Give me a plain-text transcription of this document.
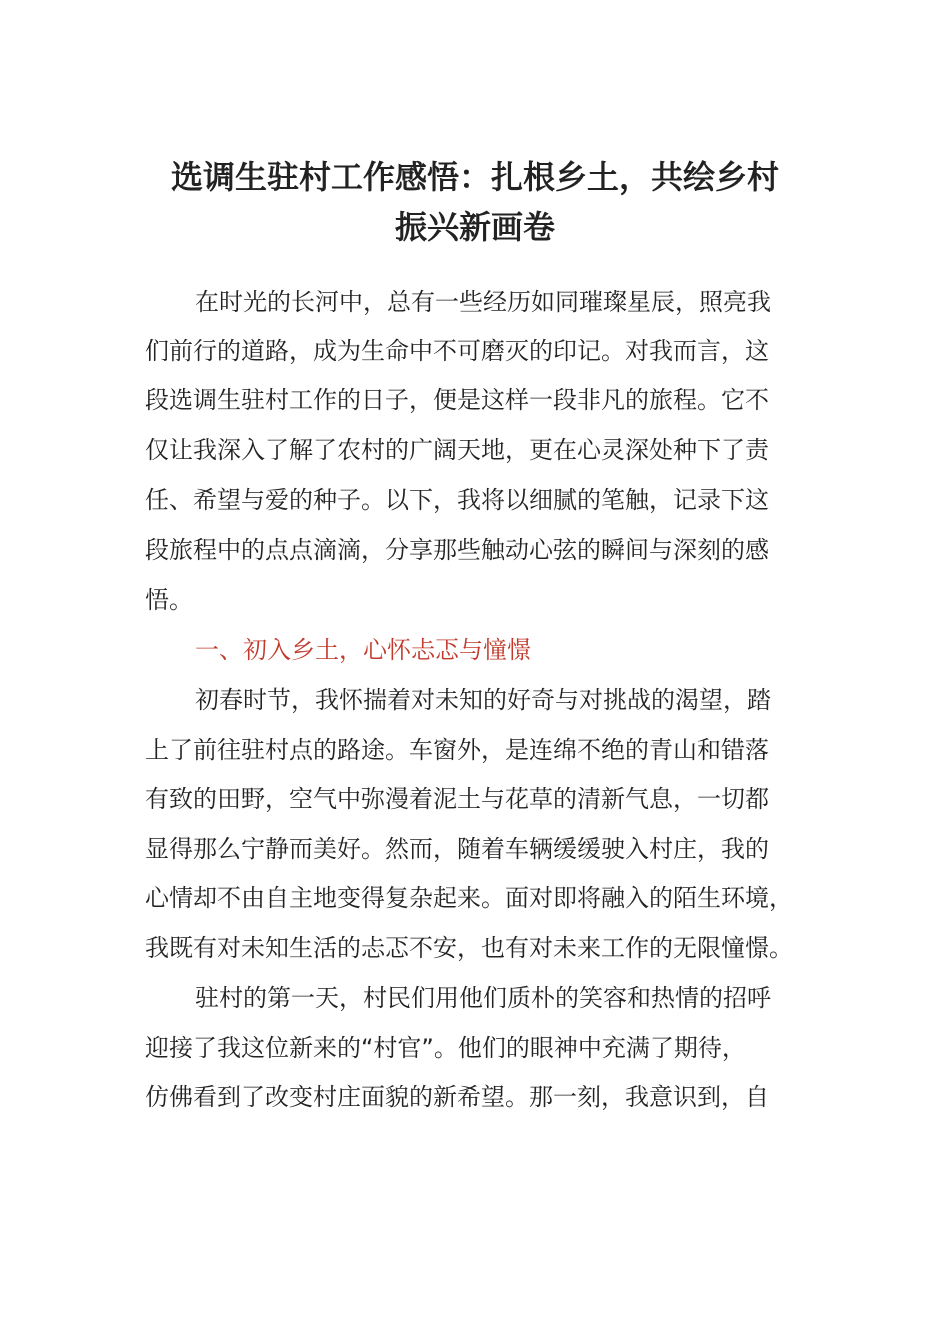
选调生驻村工作感悟：扎根乡土，共绘乡村
振兴新画卷

在时光的长河中，总有一些经历如同璀璨星辰，照亮我

们前行的道路，成为生命中不可磨灭的印记。对我而言，这

段选调生驻村工作的日子，便是这样一段非凡的旅程。它不

仅让我深入了解了农村的广阔天地，更在心灵深处种下了责

任、希望与爱的种子。以下，我将以细腻的笔触，记录下这

段旅程中的点点滴滴，分享那些触动心弦的瞬间与深刻的感

悟。

一、初入乡土，心怀忐忑与憧憬

初春时节，我怀揣着对未知的好奇与对挑战的渴望，踏

上了前往驻村点的路途。车窗外，是连绵不绝的青山和错落

有致的田野，空气中弥漫着泥土与花草的清新气息，一切都

显得那么宁静而美好。然而，随着车辆缓缓驶入村庄，我的

心情却不由自主地变得复杂起来。面对即将融入的陌生环境，

我既有对未知生活的忐忑不安，也有对未来工作的无限憧憬。

驻村的第一天，村民们用他们质朴的笑容和热情的招呼

迎接了我这位新来的“村官”。他们的眼神中充满了期待，

仿佛看到了改变村庄面貌的新希望。那一刻，我意识到，自
